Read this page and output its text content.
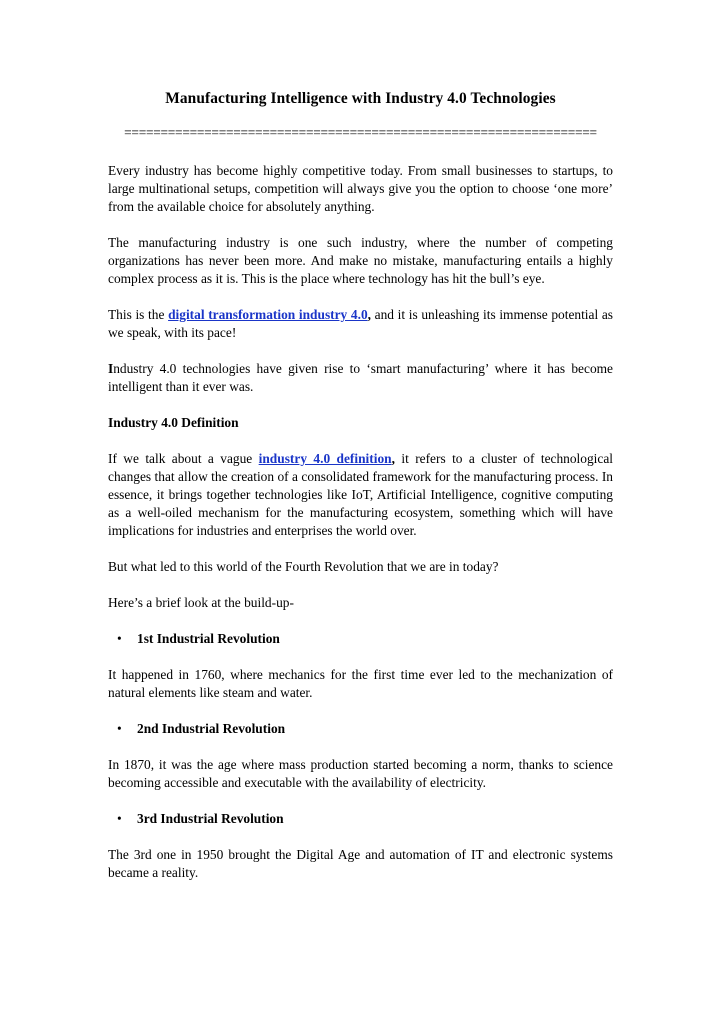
Manufacturing Intelligence with Industry 4.0 Technologies
=================================================================

Every industry has become highly competitive today. From small businesses to startups, to large multinational setups, competition will always give you the option to choose ‘one more’ from the available choice for absolutely anything.

The manufacturing industry is one such industry, where the number of competing organizations has never been more. And make no mistake, manufacturing entails a highly complex process as it is. This is the place where technology has hit the bull’s eye.

This is the digital transformation industry 4.0, and it is unleashing its immense potential as we speak, with its pace!

Industry 4.0 technologies have given rise to ‘smart manufacturing’ where it has become intelligent than it ever was.

Industry 4.0 Definition

If we talk about a vague industry 4.0 definition, it refers to a cluster of technological changes that allow the creation of a consolidated framework for the manufacturing process. In essence, it brings together technologies like IoT, Artificial Intelligence, cognitive computing as a well-oiled mechanism for the manufacturing ecosystem, something which will have implications for industries and enterprises the world over.

But what led to this world of the Fourth Revolution that we are in today?

Here’s a brief look at the build-up-

• 1st Industrial Revolution

It happened in 1760, where mechanics for the first time ever led to the mechanization of natural elements like steam and water.

• 2nd Industrial Revolution

In 1870, it was the age where mass production started becoming a norm, thanks to science becoming accessible and executable with the availability of electricity.

• 3rd Industrial Revolution

The 3rd one in 1950 brought the Digital Age and automation of IT and electronic systems became a reality.
